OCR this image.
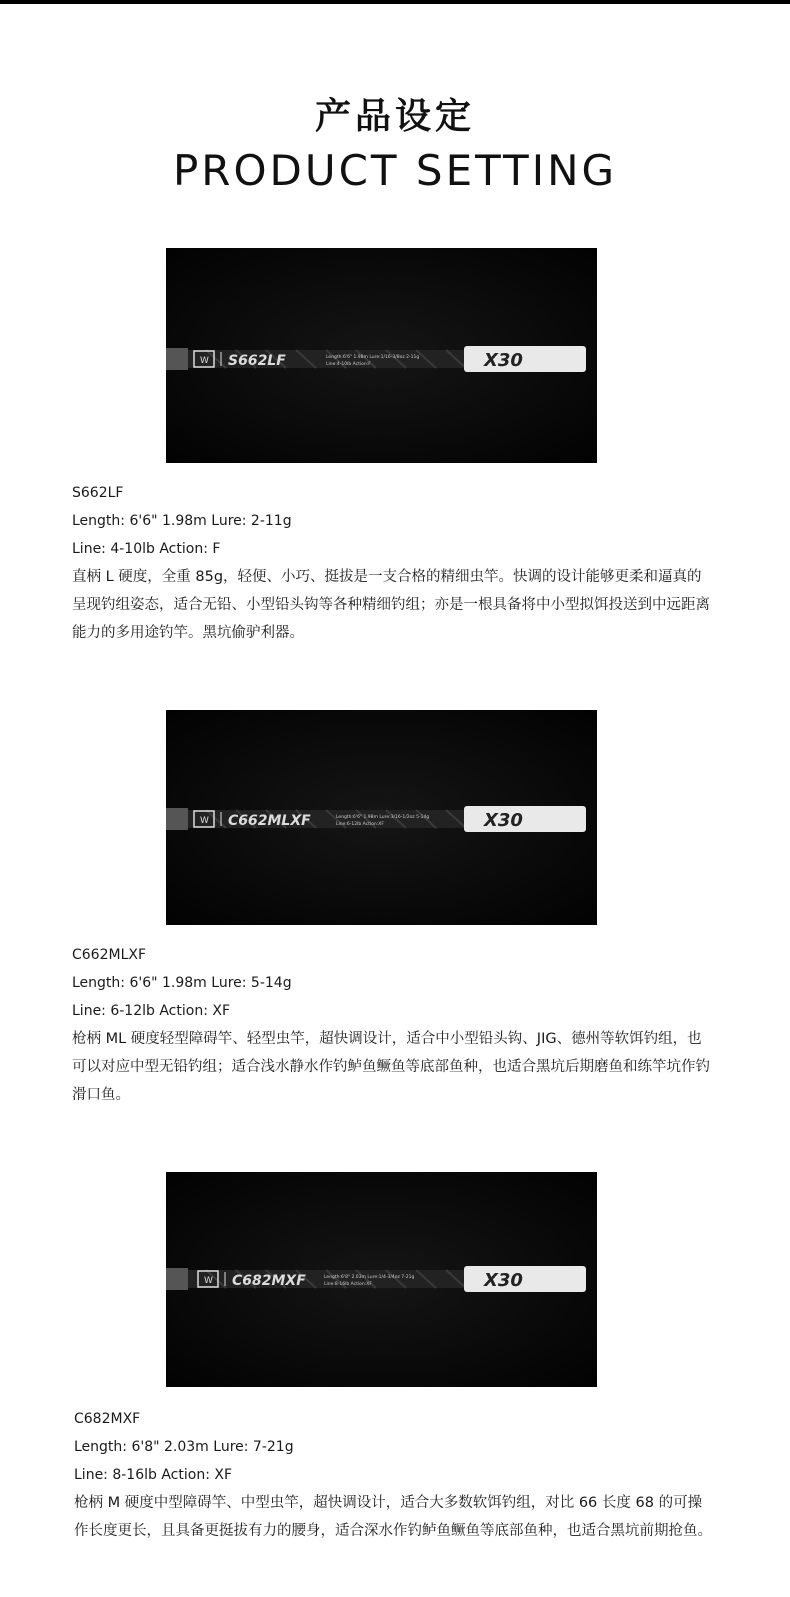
产品设定
PRODUCT SETTING
W S662LF	Length:6'6" 1.98m Lure:1/16-3/8oz 2-11g
Line:4-10lb Action:F	X30
S662LF
Length: 6'6" 1.98m Lure: 2-11g
Line: 4-10lb Action: F
直柄 L 硬度，全重 85g，轻便、小巧、挺拔是一支合格的精细虫竿。快调的设计能够更柔和逼真的呈现钓组姿态，适合无铅、小型铅头钩等各种精细钓组；亦是一根具备将中小型拟饵投送到中远距离能力的多用途钓竿。黑坑偷驴利器。
W C662MLXF	Length:6'6" 1.98m Lure:3/16-1/2oz 5-14g
Line:6-12lb Action:XF	X30
C662MLXF
Length: 6'6" 1.98m Lure: 5-14g
Line: 6-12lb Action: XF
枪柄 ML 硬度轻型障碍竿、轻型虫竿，超快调设计，适合中小型铅头钩、JIG、德州等软饵钓组，也可以对应中型无铅钓组；适合浅水静水作钓鲈鱼鳜鱼等底部鱼种，也适合黑坑后期磨鱼和练竿坑作钓滑口鱼。
W C682MXF	Length:6'8" 2.03m Lure:1/4-3/4oz 7-21g
Line:8-16lb Action:XF	X30
C682MXF
Length: 6'8" 2.03m Lure: 7-21g
Line: 8-16lb Action: XF
枪柄 M 硬度中型障碍竿、中型虫竿，超快调设计，适合大多数软饵钓组，对比 66 长度 68 的可操作长度更长，且具备更挺拔有力的腰身，适合深水作钓鲈鱼鳜鱼等底部鱼种，也适合黑坑前期抢鱼。
